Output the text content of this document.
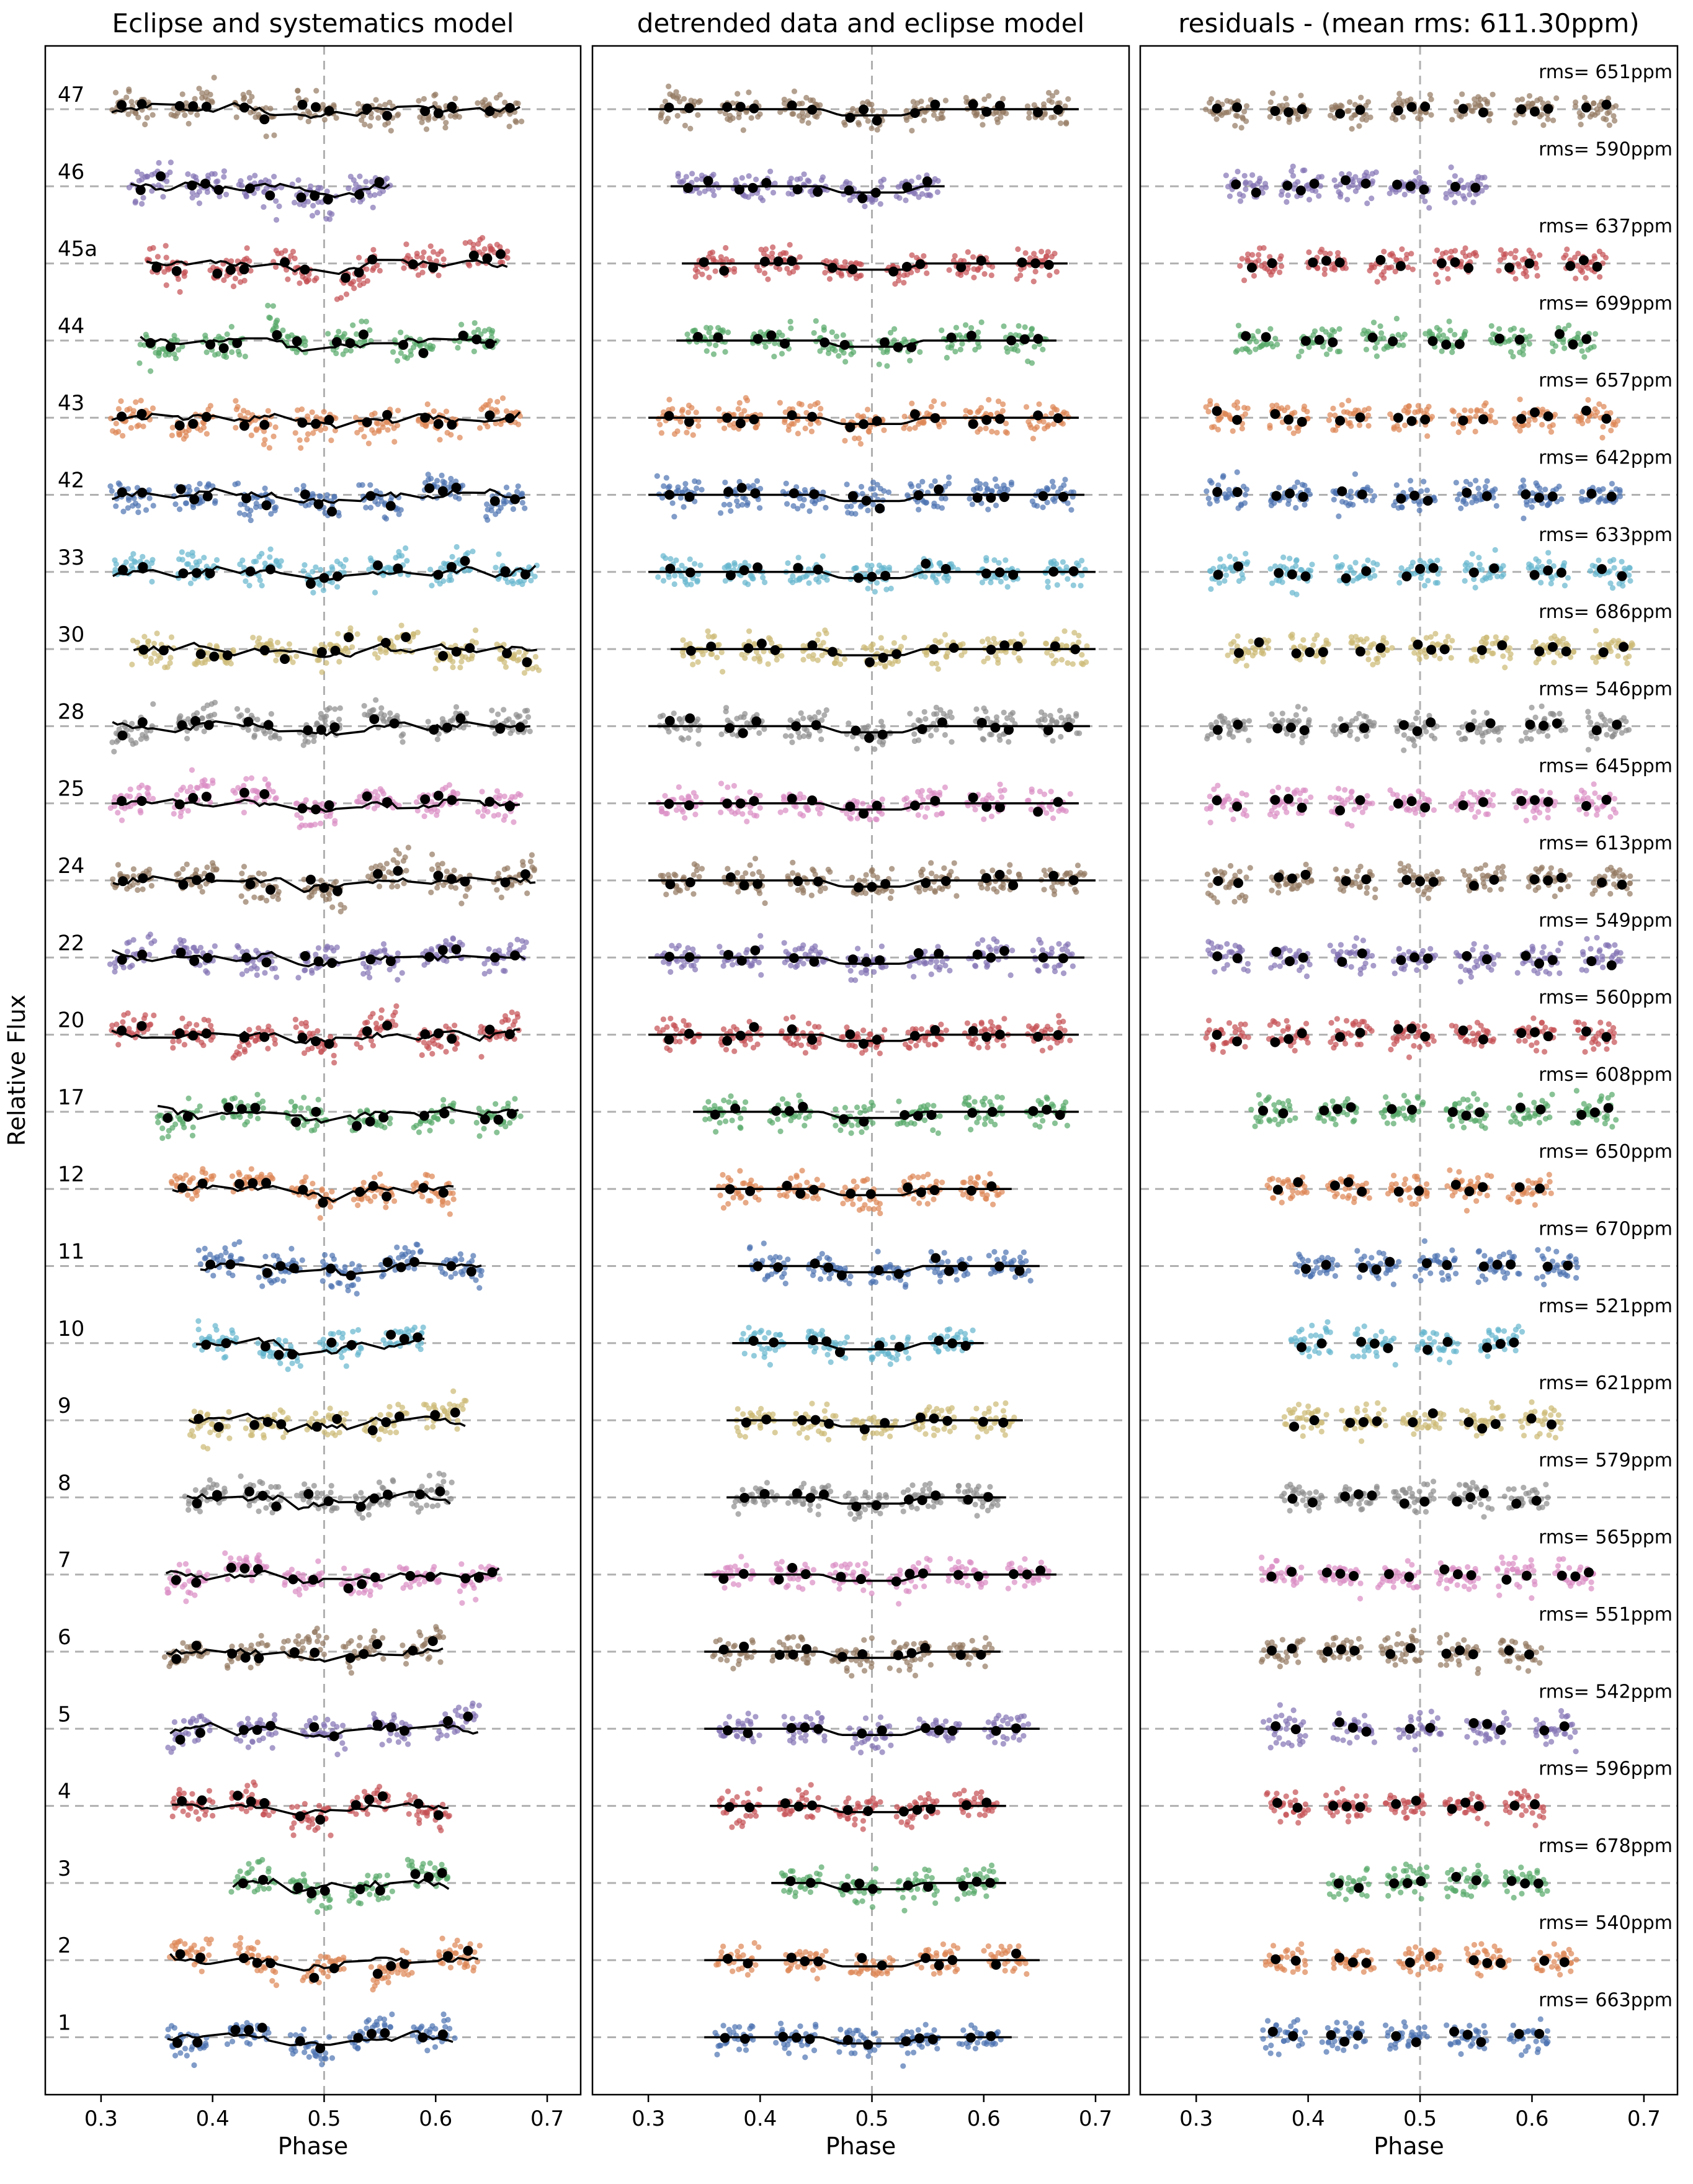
Eclipse and systematics model
0.3	0.4	0.5	0.6	0.7
Phase
47
46
45a
44
43
42
33
30
28
25
24
22
20
17
12
11
10
9
8
7
6
5
4
3
2
1
detrended data and eclipse model
0.3	0.4	0.5	0.6	0.7
Phase
residuals - (mean rms: 611.30ppm)
0.3	0.4	0.5	0.6	0.7
Phase
rms= 651ppm
rms= 590ppm
rms= 637ppm
rms= 699ppm
rms= 657ppm
rms= 642ppm
rms= 633ppm
rms= 686ppm
rms= 546ppm
rms= 645ppm
rms= 613ppm
rms= 549ppm
rms= 560ppm
rms= 608ppm
rms= 650ppm
rms= 670ppm
rms= 521ppm
rms= 621ppm
rms= 579ppm
rms= 565ppm
rms= 551ppm
rms= 542ppm
rms= 596ppm
rms= 678ppm
rms= 540ppm
rms= 663ppm
Relative Flux
